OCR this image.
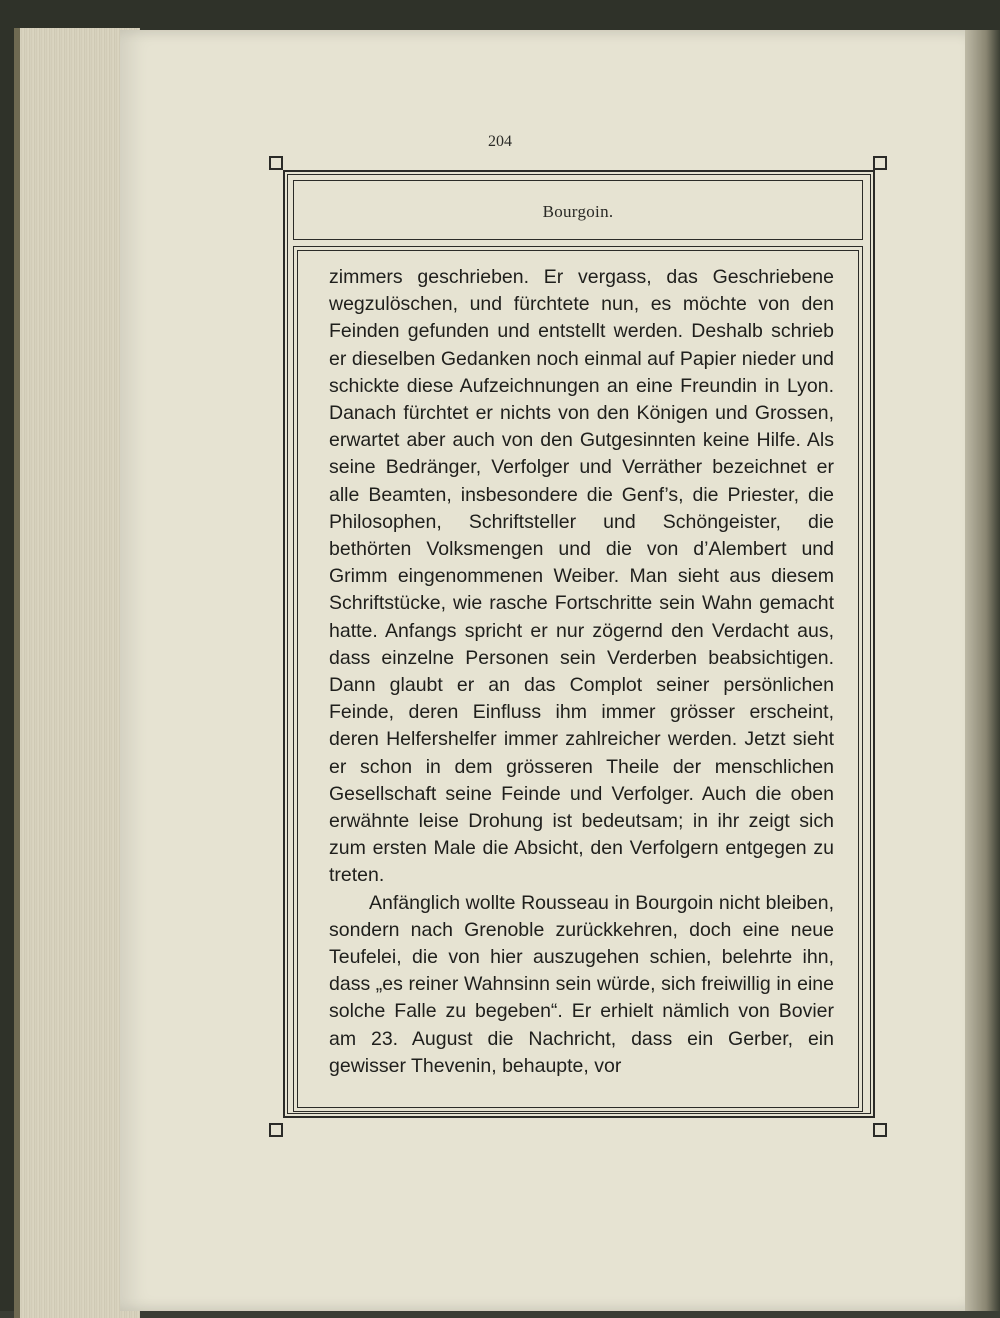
204
Bourgoin.

zimmers geschrieben. Er vergass, das Geschriebene wegzulöschen, und fürchtete nun, es möchte von den Feinden gefunden und entstellt werden. Deshalb schrieb er dieselben Gedanken noch einmal auf Papier nieder und schickte diese Aufzeichnungen an eine Freundin in Lyon. Danach fürchtet er nichts von den Königen und Grossen, erwartet aber auch von den Gutgesinnten keine Hilfe. Als seine Bedränger, Verfolger und Verräther bezeichnet er alle Beamten, insbesondere die Genf’s, die Priester, die Philosophen, Schriftsteller und Schöngeister, die bethörten Volksmengen und die von d’Alembert und Grimm eingenommenen Weiber. Man sieht aus diesem Schriftstücke, wie rasche Fortschritte sein Wahn gemacht hatte. Anfangs spricht er nur zögernd den Verdacht aus, dass einzelne Personen sein Verderben beabsichtigen. Dann glaubt er an das Complot seiner persönlichen Feinde, deren Einfluss ihm immer grösser erscheint, deren Helfershelfer immer zahlreicher werden. Jetzt sieht er schon in dem grösseren Theile der menschlichen Gesellschaft seine Feinde und Verfolger. Auch die oben erwähnte leise Drohung ist bedeutsam; in ihr zeigt sich zum ersten Male die Absicht, den Verfolgern entgegen zu treten.

Anfänglich wollte Rousseau in Bourgoin nicht bleiben, sondern nach Grenoble zurückkehren, doch eine neue Teufelei, die von hier auszugehen schien, belehrte ihn, dass „es reiner Wahnsinn sein würde, sich freiwillig in eine solche Falle zu begeben“. Er erhielt nämlich von Bovier am 23. August die Nachricht, dass ein Gerber, ein gewisser Thevenin, behaupte, vor
